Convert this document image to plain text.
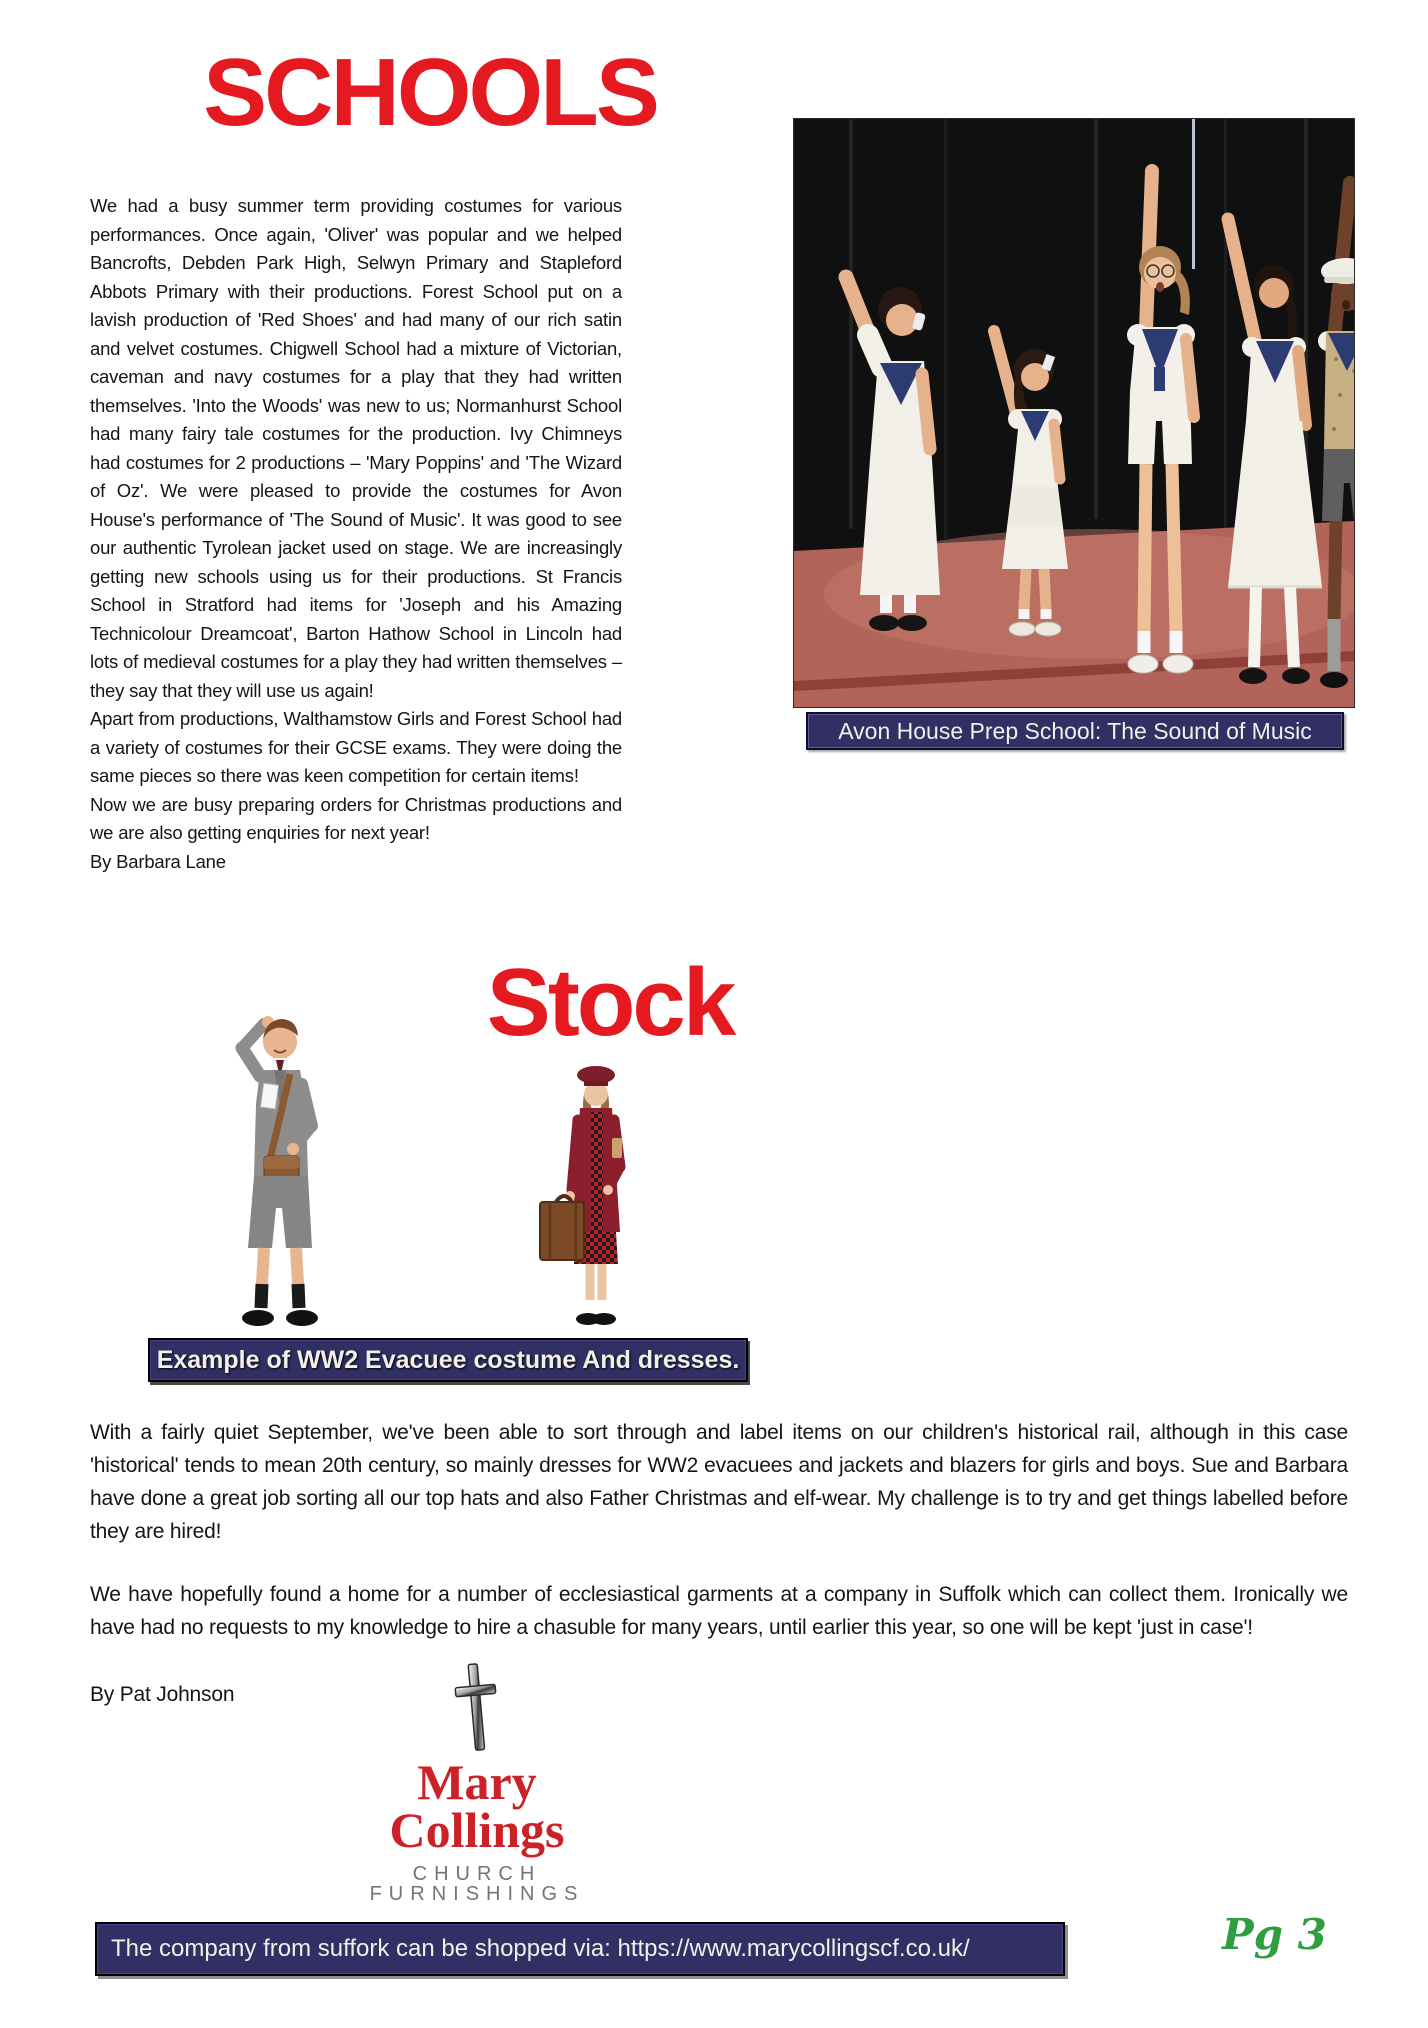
SCHOOLS

We had a busy summer term providing costumes for various performances. Once again, 'Oliver' was popular and we helped Bancrofts, Debden Park High, Selwyn Primary and Stapleford Abbots Primary with their productions. Forest School put on a lavish production of 'Red Shoes' and had many of our rich satin and velvet costumes. Chigwell School had a mixture of Victorian, caveman and navy costumes for a play that they had written themselves. 'Into the Woods' was new to us; Normanhurst School had many fairy tale costumes for the production. Ivy Chimneys had costumes for 2 productions – 'Mary Poppins' and 'The Wizard of Oz'. We were pleased to provide the costumes for Avon House's performance of 'The Sound of Music'. It was good to see our authentic Tyrolean jacket used on stage. We are increasingly getting new schools using us for their productions. St Francis School in Stratford had items for 'Joseph and his Amazing Technicolour Dreamcoat', Barton Hathow School in Lincoln had lots of medieval costumes for a play they had written themselves – they say that they will use us again!

Apart from productions, Walthamstow Girls and Forest School had a variety of costumes for their GCSE exams. They were doing the same pieces so there was keen competition for certain items!

Now we are busy preparing orders for Christmas productions and we are also getting enquiries for next year!

By Barbara Lane

Avon House Prep School: The Sound of Music
Stock
Example of WW2 Evacuee costume And dresses.

With a fairly quiet September, we've been able to sort through and label items on our children's historical rail, although in this case 'historical' tends to mean 20th century, so mainly dresses for WW2 evacuees and jackets and blazers for girls and boys. Sue and Barbara have done a great job sorting all our top hats and also Father Christmas and elf-wear. My challenge is to try and get things labelled before they are hired!

We have hopefully found a home for a number of ecclesiastical garments at a company in Suffolk which can collect them. Ironically we have had no requests to my knowledge to hire a chasuble for many years, until earlier this year, so one will be kept 'just in case'!

By Pat Johnson

Mary
Collings
CHURCH FURNISHINGS
The company from suffork can be shopped via: https://www.marycollingscf.co.uk/	Pg 3
